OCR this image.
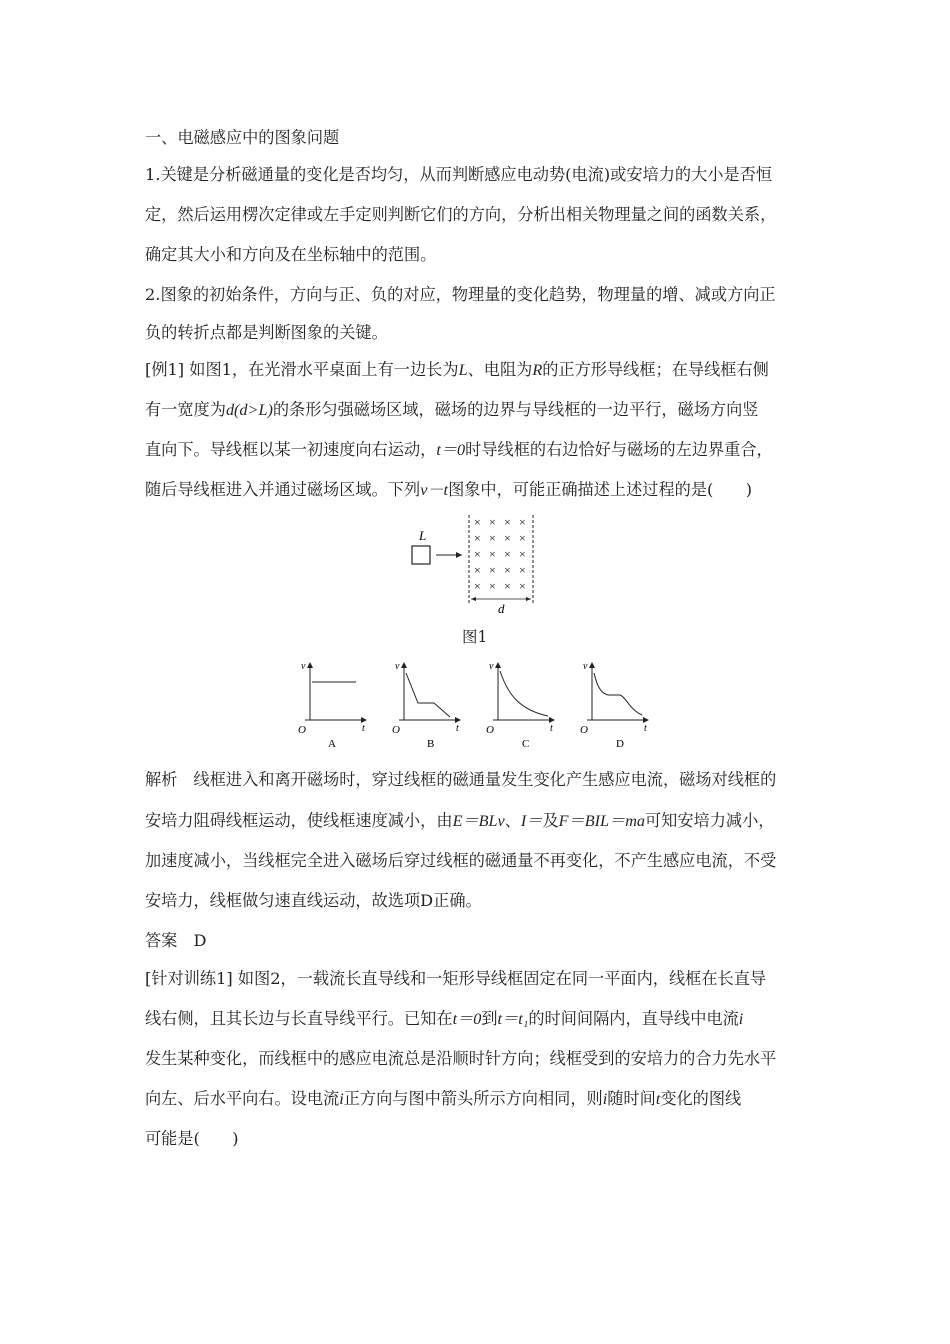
一、电磁感应中的图象问题
1.关键是分析磁通量的变化是否均匀，从而判断感应电动势(电流)或安培力的大小是否恒
定，然后运用楞次定律或左手定则判断它们的方向，分析出相关物理量之间的函数关系，
确定其大小和方向及在坐标轴中的范围。
2.图象的初始条件，方向与正、负的对应，物理量的变化趋势，物理量的增、减或方向正
负的转折点都是判断图象的关键。
[例1] 如图1，在光滑水平桌面上有一边长为L、电阻为R的正方形导线框；在导线框右侧
有一宽度为d(d>L)的条形匀强磁场区域，磁场的边界与导线框的一边平行，磁场方向竖
直向下。导线框以某一初速度向右运动，t＝0时导线框的右边恰好与磁场的左边界重合，
随后导线框进入并通过磁场区域。下列v－t图象中，可能正确描述上述过程的是(　　)
L
× × × ×
× × × ×
× × × ×
× × × ×
× × × ×
d
图1
v
t
O
A
v
t
O
B
v
t
O
C
v
t
O
D
解析　线框进入和离开磁场时，穿过线框的磁通量发生变化产生感应电流，磁场对线框的
安培力阻碍线框运动，使线框速度减小，由E＝BLv、I＝及F＝BIL＝ma可知安培力减小，
加速度减小，当线框完全进入磁场后穿过线框的磁通量不再变化，不产生感应电流，不受
安培力，线框做匀速直线运动，故选项D正确。
答案　D
[针对训练1] 如图2，一载流长直导线和一矩形导线框固定在同一平面内，线框在长直导
线右侧，且其长边与长直导线平行。已知在t＝0到t＝t₁的时间间隔内，直导线中电流i
发生某种变化，而线框中的感应电流总是沿顺时针方向；线框受到的安培力的合力先水平
向左、后水平向右。设电流i正方向与图中箭头所示方向相同，则i随时间t变化的图线
可能是(　　)
